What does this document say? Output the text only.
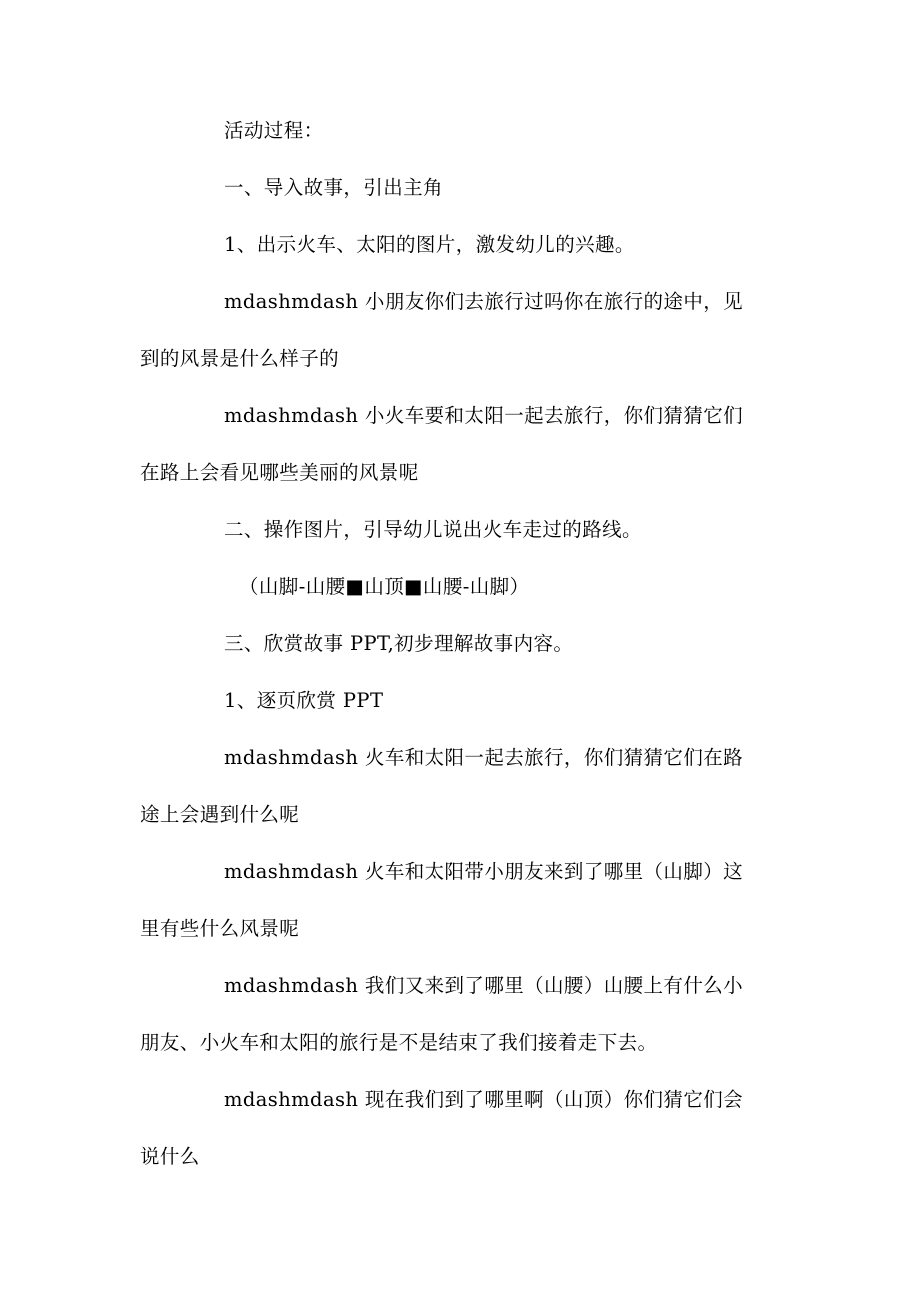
活动过程：
一、导入故事，引出主角
1、出示火车、太阳的图片，激发幼儿的兴趣。
mdashmdash 小朋友你们去旅行过吗你在旅行的途中，见
到的风景是什么样子的
mdashmdash 小火车要和太阳一起去旅行，你们猜猜它们
在路上会看见哪些美丽的风景呢
二、操作图片，引导幼儿说出火车走过的路线。
（山脚-山腰■山顶■山腰-山脚）
三、欣赏故事 PPT,初步理解故事内容。
1、逐页欣赏 PPT
mdashmdash 火车和太阳一起去旅行，你们猜猜它们在路
途上会遇到什么呢
mdashmdash 火车和太阳带小朋友来到了哪里（山脚）这
里有些什么风景呢
mdashmdash 我们又来到了哪里（山腰）山腰上有什么小
朋友、小火车和太阳的旅行是不是结束了我们接着走下去。
mdashmdash 现在我们到了哪里啊（山顶）你们猜它们会
说什么
